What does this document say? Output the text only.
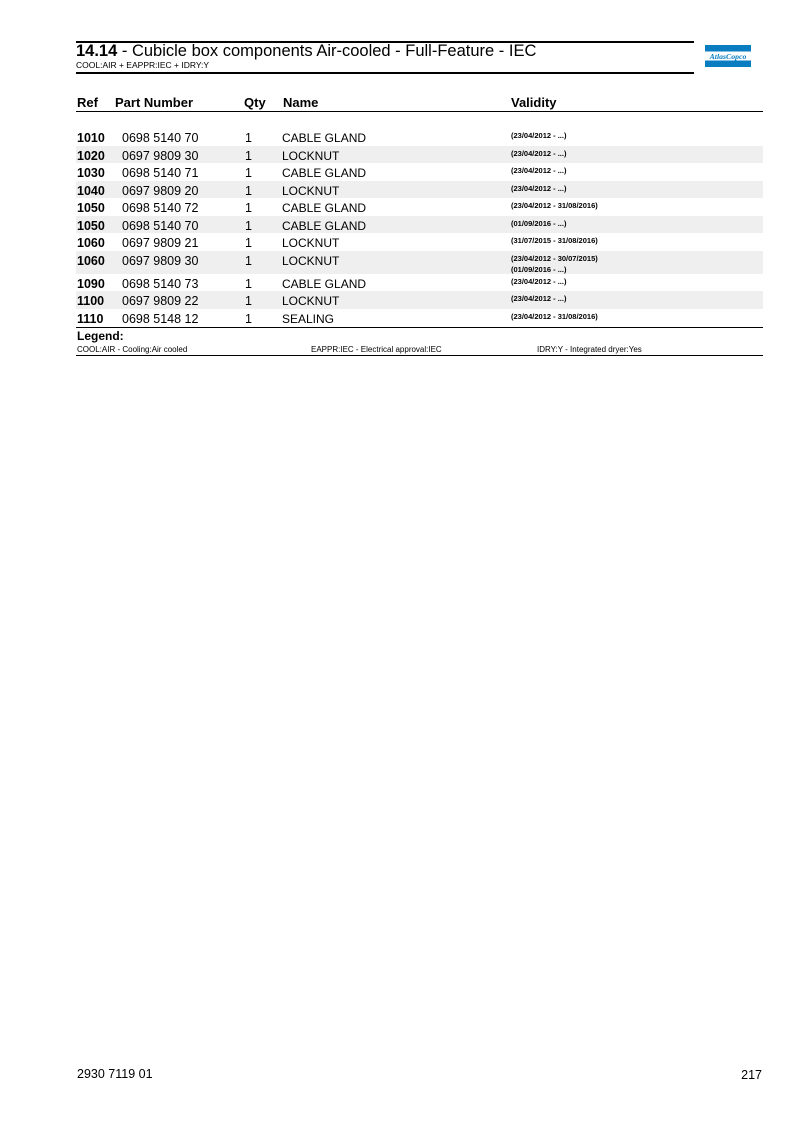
14.14 - Cubicle box components Air-cooled - Full-Feature - IEC
COOL:AIR + EAPPR:IEC + IDRY:Y
AtlasCopco
Ref Part Number	Qty Name	Validity
1010 0698 5140 70	1	CABLE GLAND	(23/04/2012 - ...)
1020 0697 9809 30	1	LOCKNUT	(23/04/2012 - ...)
1030 0698 5140 71	1	CABLE GLAND	(23/04/2012 - ...)
1040 0697 9809 20	1	LOCKNUT	(23/04/2012 - ...)
1050 0698 5140 72	1	CABLE GLAND	(23/04/2012 - 31/08/2016)
1050 0698 5140 70	1	CABLE GLAND	(01/09/2016 - ...)
1060 0697 9809 21	1	LOCKNUT	(31/07/2015 - 31/08/2016)
1060 0697 9809 30	1	LOCKNUT	(23/04/2012 - 30/07/2015)
(01/09/2016 - ...)
1090 0698 5140 73	1	CABLE GLAND	(23/04/2012 - ...)
1100 0697 9809 22	1	LOCKNUT	(23/04/2012 - ...)
1110 0698 5148 12	1	SEALING	(23/04/2012 - 31/08/2016)
Legend:
COOL:AIR - Cooling:Air cooled	EAPPR:IEC - Electrical approval:IEC	IDRY:Y - Integrated dryer:Yes
2930 7119 01	217
